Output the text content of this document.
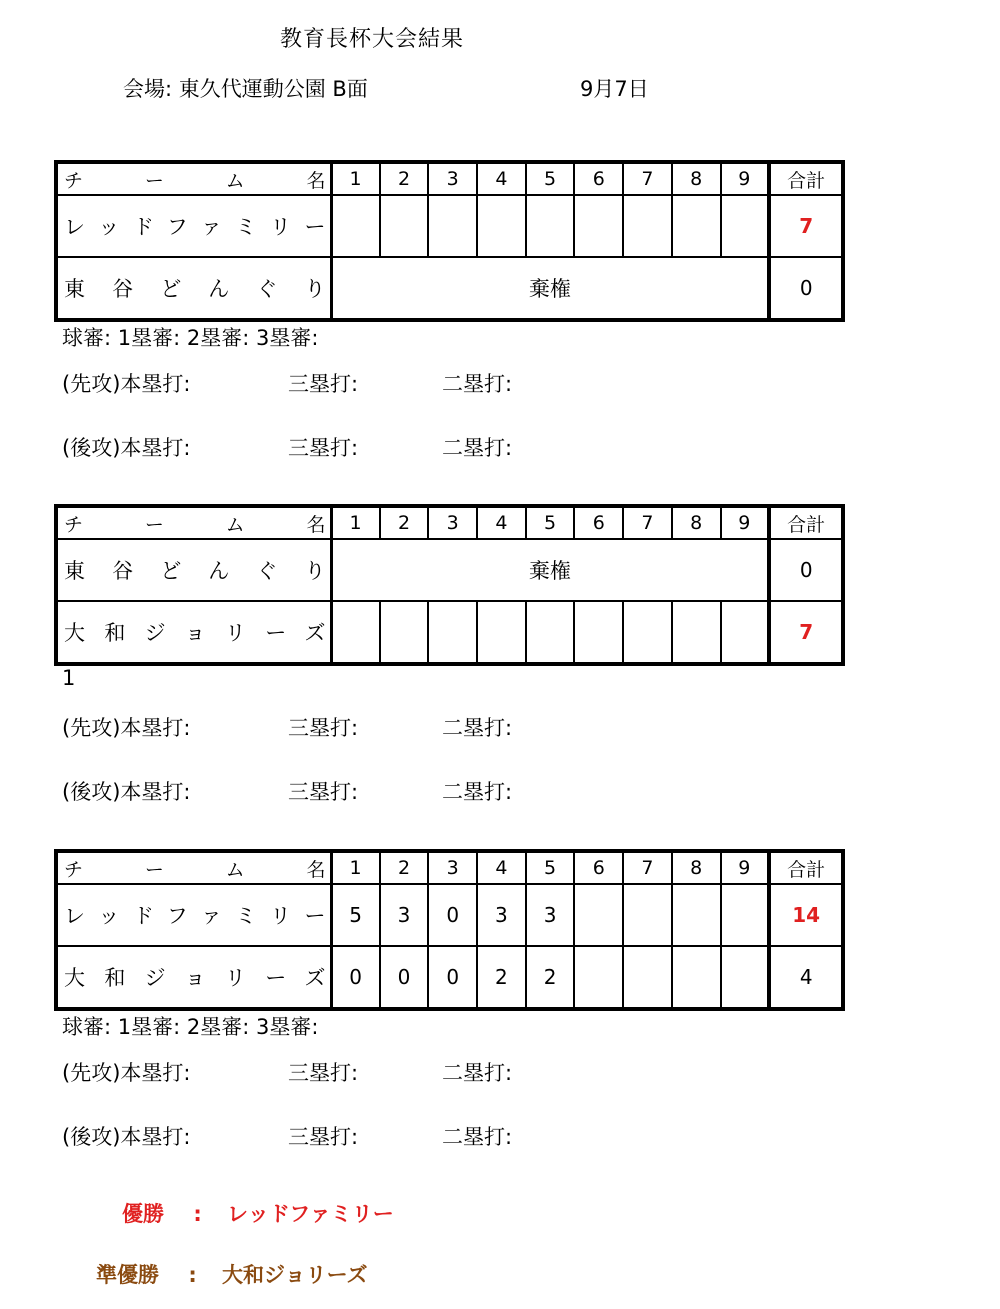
教育長杯大会結果
会場: 東久代運動公園 B面	9月7日
チ　ー　ム　名	1	2	3	4	5	6	7	8	9	合計
レッドファミリー										7
東谷どんぐり	棄権									0
球審: 1塁審: 2塁審: 3塁審:
(先攻)本塁打:	三塁打:	二塁打:
(後攻)本塁打:	三塁打:	二塁打:
チ　ー　ム　名	1	2	3	4	5	6	7	8	9	合計
東谷どんぐり	棄権									0
大和ジョリーズ										7
1
(先攻)本塁打:	三塁打:	二塁打:
(後攻)本塁打:	三塁打:	二塁打:
チ　ー　ム　名	1	2	3	4	5	6	7	8	9	合計
レッドファミリー	5	3	0	3	3					14
大和ジョリーズ	0	0	0	2	2					4
球審: 1塁審: 2塁審: 3塁審:
(先攻)本塁打:	三塁打:	二塁打:
(後攻)本塁打:	三塁打:	二塁打:
優勝 : レッドファミリー
準優勝 : 大和ジョリーズ
